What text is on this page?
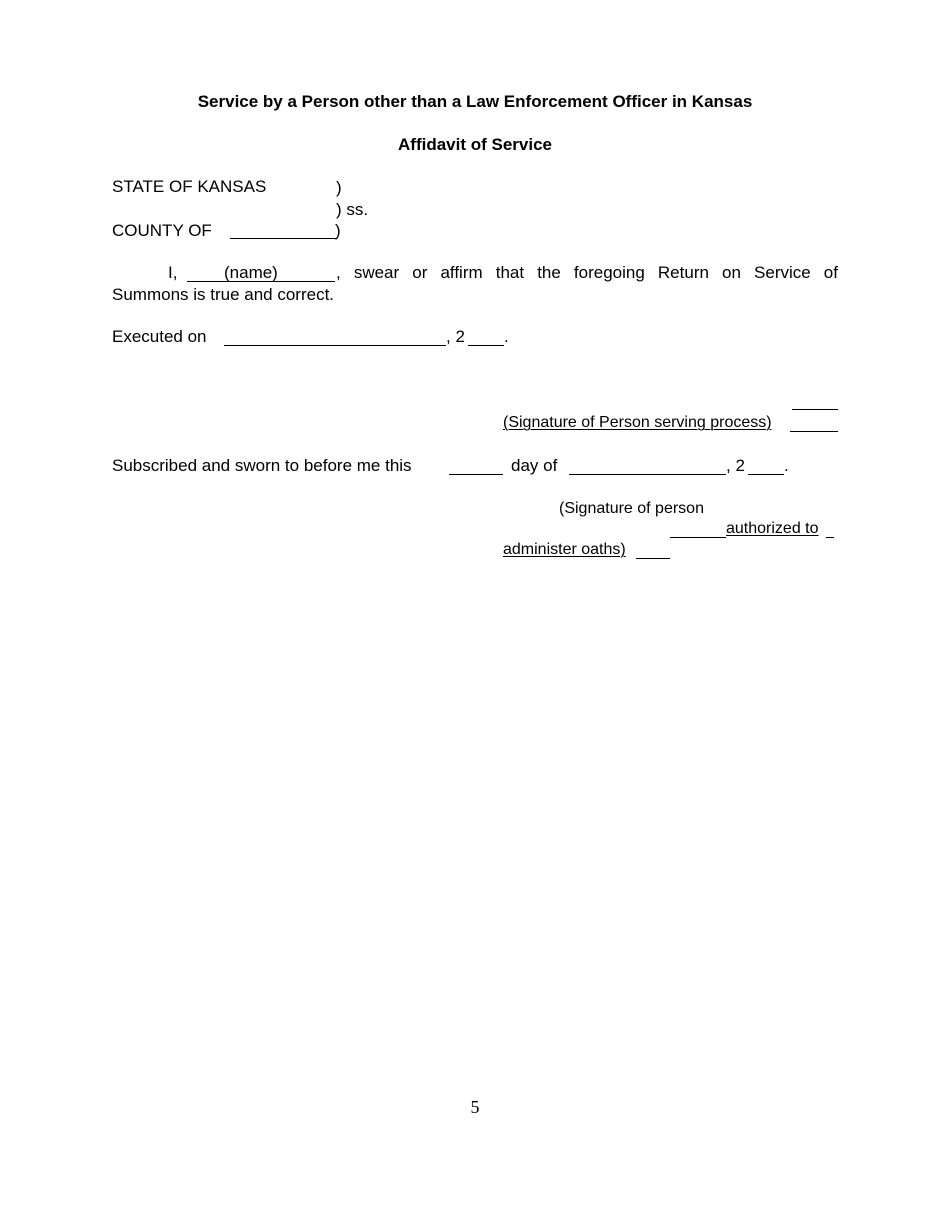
Service by a Person other than a Law Enforcement Officer in Kansas
Affidavit of Service
STATE OF KANSAS	)
) ss.
COUNTY OF	)
I,	(name)	, swear or affirm that the foregoing Return on Service of
Summons is true and correct.
Executed on	, 2 .
(Signature of Person serving process)
Subscribed and sworn to before me this	day of	, 2 .
(Signature of person
authorized to
administer oaths)
5
